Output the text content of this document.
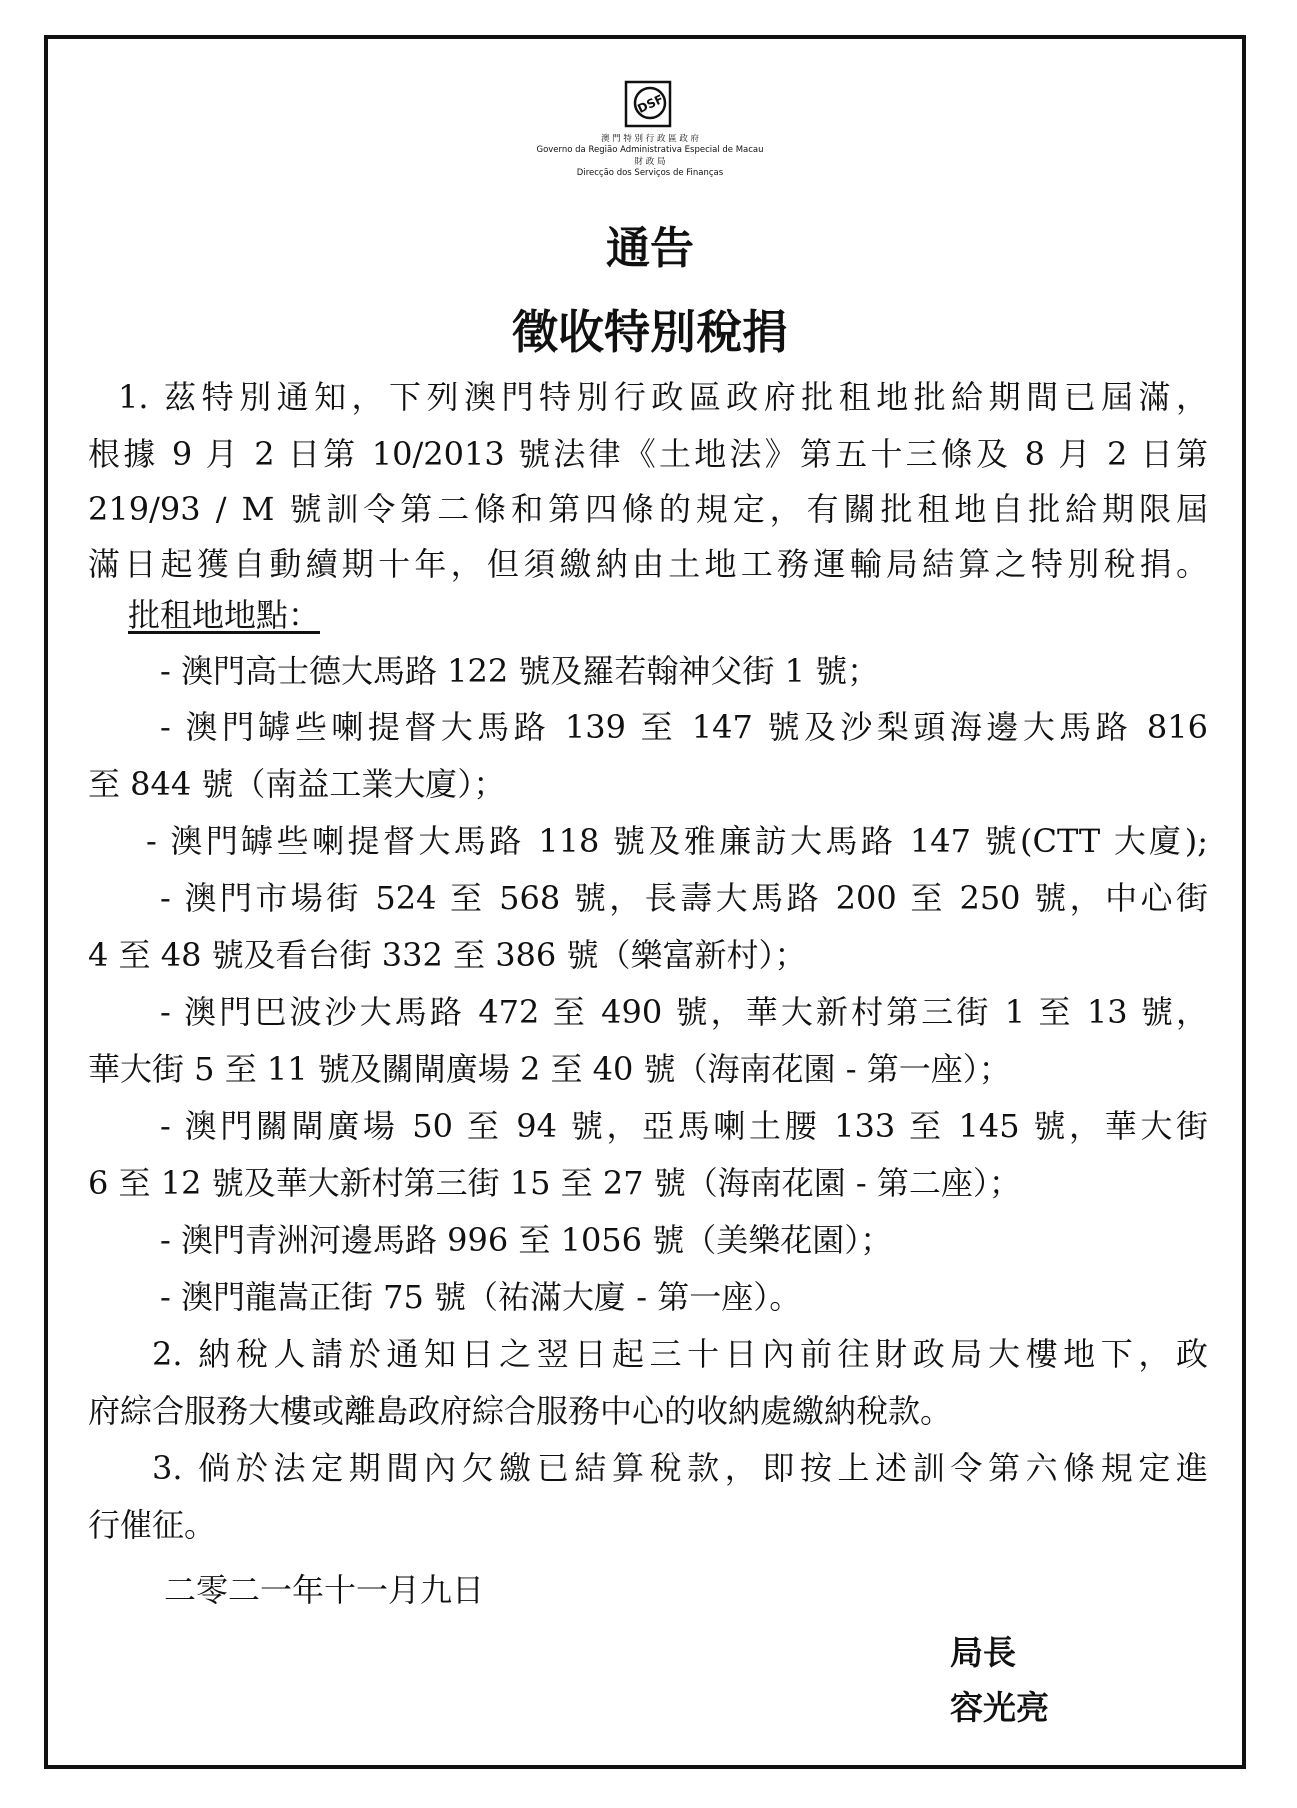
DSF
澳 門 特 別 行 政 區 政 府
Governo da Região Administrativa Especial de Macau
財 政 局
Direcção dos Serviços de Finanças
通告
徵收特別稅捐
1. 茲特別通知，下列澳門特別行政區政府批租地批給期間已屆滿，
根據 9 月 2 日第 10/2013 號法律《土地法》第五十三條及 8 月 2 日第
219/93 / M 號訓令第二條和第四條的規定，有關批租地自批給期限屆
滿日起獲自動續期十年，但須繳納由土地工務運輸局結算之特別稅捐。
批租地地點：
- 澳門高士德大馬路 122 號及羅若翰神父街 1 號；
- 澳門罅些喇提督大馬路 139 至 147 號及沙梨頭海邊大馬路 816
至 844 號（南益工業大廈）；
- 澳門罅些喇提督大馬路 118 號及雅廉訪大馬路 147 號(CTT 大廈);
- 澳門市場街 524 至 568 號，長壽大馬路 200 至 250 號，中心街
4 至 48 號及看台街 332 至 386 號（樂富新村）；
- 澳門巴波沙大馬路 472 至 490 號，華大新村第三街 1 至 13 號，
華大街 5 至 11 號及關閘廣場 2 至 40 號（海南花園 - 第一座）；
- 澳門關閘廣場 50 至 94 號，亞馬喇土腰 133 至 145 號，華大街
6 至 12 號及華大新村第三街 15 至 27 號（海南花園 - 第二座）；
- 澳門青洲河邊馬路 996 至 1056 號（美樂花園）；
- 澳門龍嵩正街 75 號（祐滿大廈 - 第一座）。
2. 納稅人請於通知日之翌日起三十日內前往財政局大樓地下，政
府綜合服務大樓或離島政府綜合服務中心的收納處繳納稅款。
3. 倘於法定期間內欠繳已結算稅款，即按上述訓令第六條規定進
行催征。
二零二一年十一月九日
局長
容光亮
